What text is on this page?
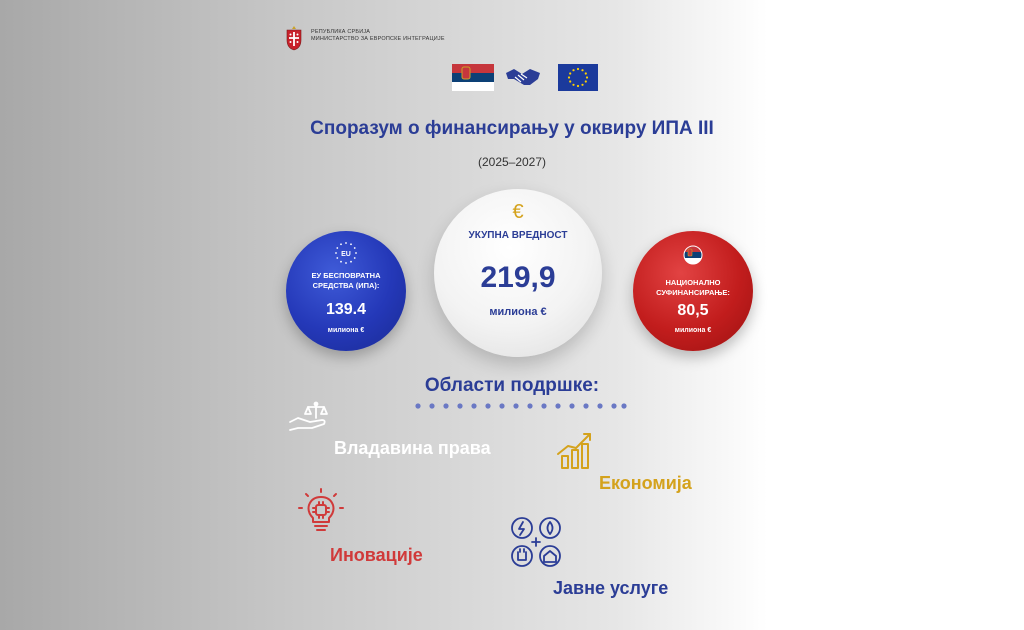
РЕПУБЛИКА СРБИЈА
МИНИСТАРСТВО ЗА ЕВРОПСКЕ ИНТЕГРАЦИЈЕ
Споразум о финансирању у оквиру ИПА III
(2025–2027)
EU
ЕУ БЕСПОВРАТНА
СРЕДСТВА (ИПА):
139.4
милиона €
€
УКУПНА ВРЕДНОСТ
219,9
милиона €
НАЦИОНАЛНО
СУФИНАНСИРАЊЕ:
80,5
милиона €
Области подршке:
Владавина права
Економија
Иновације
Јавне услуге
